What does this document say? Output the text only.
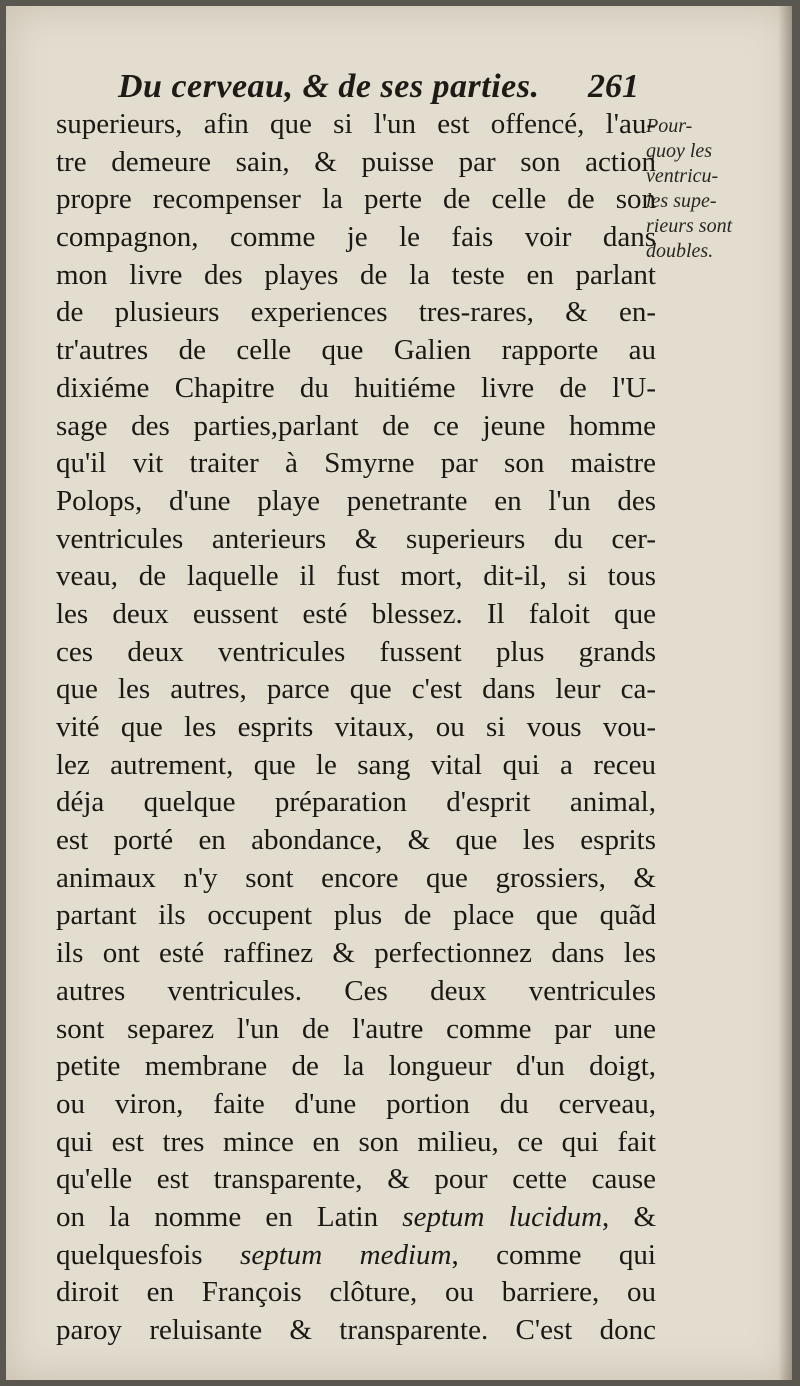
Du cerveau, & de ses parties.	261
Pour-
quoy les
ventricu-
les supe-
rieurs sont
doubles.
superieurs, afin que si l'un est offencé, l'au-
tre demeure sain, & puisse par son action
propre recompenser la perte de celle de son
compagnon, comme je le fais voir dans
mon livre des playes de la teste en parlant
de plusieurs experiences tres-rares, & en-
tr'autres de celle que Galien rapporte au
dixiéme Chapitre du huitiéme livre de l'U-
sage des parties,parlant de ce jeune homme
qu'il vit traiter à Smyrne par son maistre
Polops, d'une playe penetrante en l'un des
ventricules anterieurs & superieurs du cer-
veau, de laquelle il fust mort, dit-il, si tous
les deux eussent esté blessez. Il faloit que
ces deux ventricules fussent plus grands
que les autres, parce que c'est dans leur ca-
vité que les esprits vitaux, ou si vous vou-
lez autrement, que le sang vital qui a receu
déja quelque préparation d'esprit animal,
est porté en abondance, & que les esprits
animaux n'y sont encore que grossiers, &
partant ils occupent plus de place que quãd
ils ont esté raffinez & perfectionnez dans les
autres ventricules. Ces deux ventricules
sont separez l'un de l'autre comme par une
petite membrane de la longueur d'un doigt,
ou viron, faite d'une portion du cerveau,
qui est tres mince en son milieu, ce qui fait
qu'elle est transparente, & pour cette cause
on la nomme en Latin septum lucidum, &
quelquesfois septum medium, comme qui
diroit en François clôture, ou barriere, ou
paroy reluisante & transparente. C'est donc
